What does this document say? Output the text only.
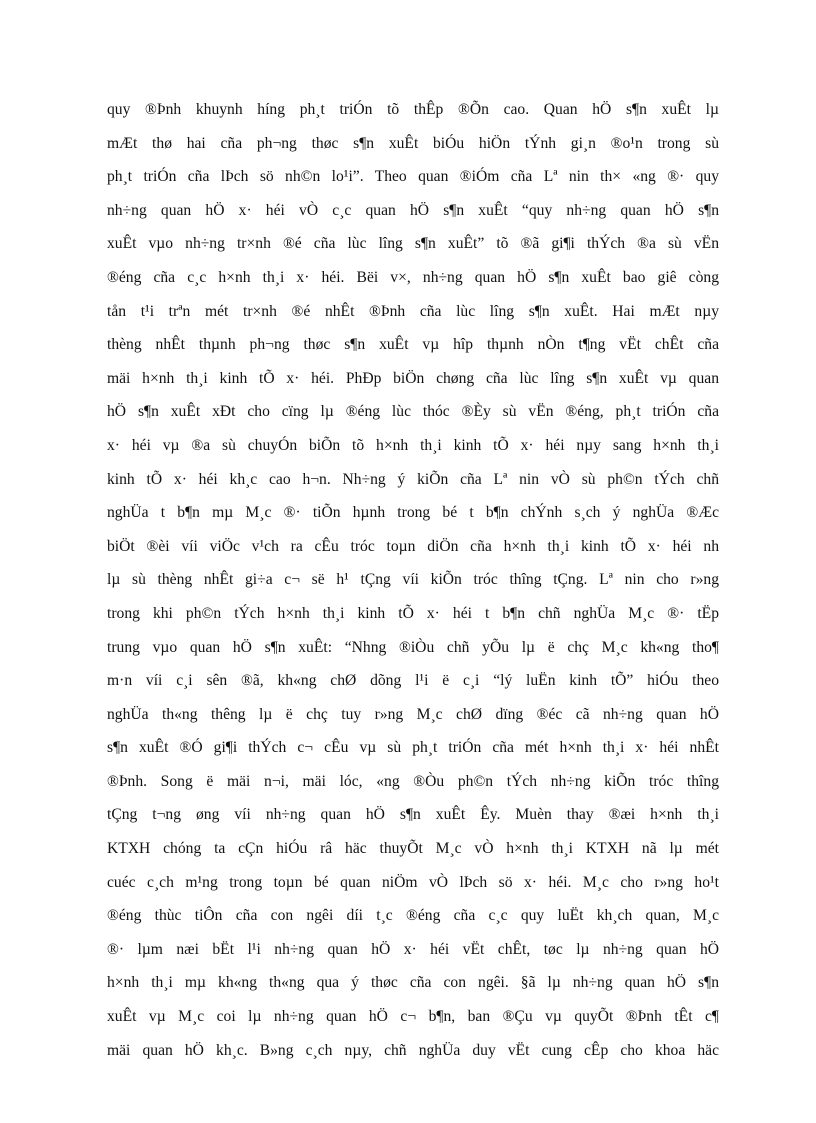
quy ®Þnh khuynh híng ph¸t triÓn tõ thÊp ®Õn cao. Quan hÖ s¶n xuÊt lµ
mÆt thø hai cña ph¬ng thøc s¶n xuÊt biÓu hiÖn tÝnh gi¸n ®o¹n trong sù
ph¸t triÓn cña lÞch sö nh©n lo¹i”. Theo quan ®iÓm cña Lª nin th× «ng ®· quy
nh÷ng quan hÖ x· héi vÒ c¸c quan hÖ s¶n xuÊt “quy nh÷ng quan hÖ s¶n
xuÊt vµo nh÷ng tr×nh ®é cña lùc lîng s¶n xuÊt” tõ ®ã gi¶i thÝch ®a sù vËn
®éng cña c¸c h×nh th¸i x· héi. Bëi v×, nh÷ng quan hÖ s¶n xuÊt bao giê còng
tån t¹i trªn mét tr×nh ®é nhÊt ®Þnh cña lùc lîng s¶n xuÊt. Hai mÆt nµy
thèng nhÊt thµnh ph¬ng thøc s¶n xuÊt vµ hîp thµnh nÒn t¶ng vËt chÊt cña
mäi h×nh th¸i kinh tÕ x· héi. PhÐp biÖn chøng cña lùc lîng s¶n xuÊt vµ quan
hÖ s¶n xuÊt xÐt cho cïng lµ ®éng lùc thóc ®Èy sù vËn ®éng, ph¸t triÓn cña
x· héi vµ ®a sù chuyÓn biÕn tõ h×nh th¸i kinh tÕ x· héi nµy sang h×nh th¸i
kinh tÕ x· héi kh¸c cao h¬n. Nh÷ng ý kiÕn cña Lª nin vÒ sù ph©n tÝch chñ
nghÜa t b¶n mµ M¸c ®· tiÕn hµnh trong bé t b¶n chÝnh s¸ch ý nghÜa ®Æc
biÖt ®èi víi viÖc v¹ch ra cÊu tróc toµn diÖn cña h×nh th¸i kinh tÕ x· héi nh
lµ sù thèng nhÊt gi÷a c¬ së h¹ tÇng víi kiÕn tróc thîng tÇng. Lª nin cho r»ng
trong khi ph©n tÝch h×nh th¸i kinh tÕ x· héi t b¶n chñ nghÜa M¸c ®· tËp
trung vµo quan hÖ s¶n xuÊt: “Nhng ®iÒu chñ yÕu lµ ë chç M¸c kh«ng tho¶
m·n víi c¸i sên ®ã, kh«ng chØ dõng l¹i ë c¸i “lý luËn kinh tÕ” hiÓu theo
nghÜa th«ng thêng lµ ë chç tuy r»ng M¸c chØ dïng ®éc cã nh÷ng quan hÖ
s¶n xuÊt ®Ó gi¶i thÝch c¬ cÊu vµ sù ph¸t triÓn cña mét h×nh th¸i x· héi nhÊt
®Þnh. Song ë mäi n¬i, mäi lóc, «ng ®Òu ph©n tÝch nh÷ng kiÕn tróc thîng
tÇng t¬ng øng víi nh÷ng quan hÖ s¶n xuÊt Êy. Muèn thay ®æi h×nh th¸i
KTXH chóng ta cÇn hiÓu râ häc thuyÕt M¸c vÒ h×nh th¸i KTXH nã lµ mét
cuéc c¸ch m¹ng trong toµn bé quan niÖm vÒ lÞch sö x· héi. M¸c cho r»ng ho¹t
®éng thùc tiÔn cña con ngêi díi t¸c ®éng cña c¸c quy luËt kh¸ch quan, M¸c
®· lµm næi bËt l¹i nh÷ng quan hÖ x· héi vËt chÊt, tøc lµ nh÷ng quan hÖ
h×nh th¸i mµ kh«ng th«ng qua ý thøc cña con ngêi. §ã lµ nh÷ng quan hÖ s¶n
xuÊt vµ M¸c coi lµ nh÷ng quan hÖ c¬ b¶n, ban ®Çu vµ quyÕt ®Þnh tÊt c¶
mäi quan hÖ kh¸c. B»ng c¸ch nµy, chñ nghÜa duy vËt cung cÊp cho khoa häc
